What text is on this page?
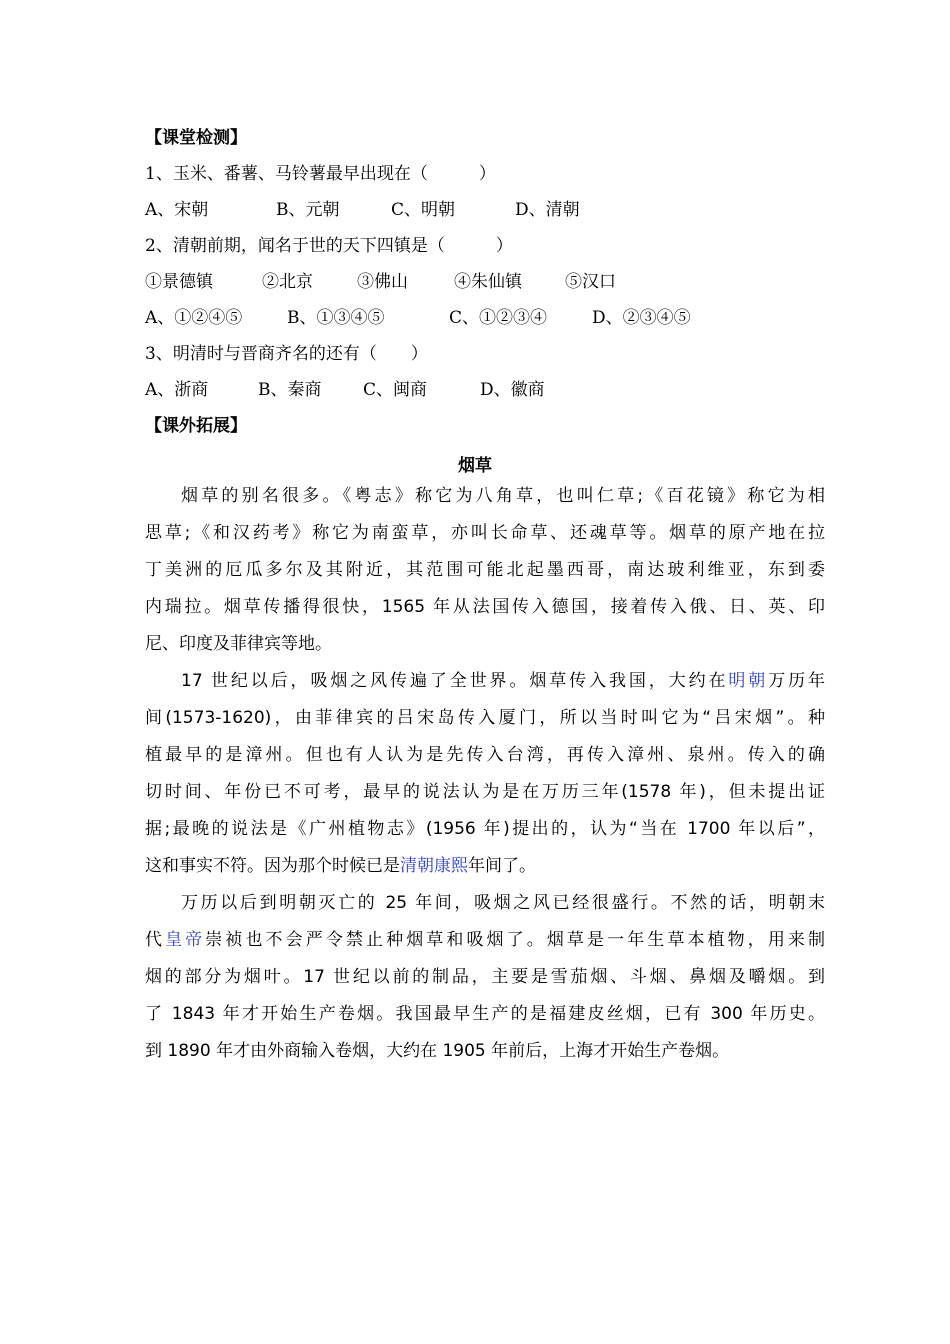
【课堂检测】
1、玉米、番薯、马铃薯最早出现在（　　　）
A、宋朝	B、元朝	C、明朝	D、清朝
2、清朝前期，闻名于世的天下四镇是（　　　）
①景德镇	②北京	③佛山	④朱仙镇	⑤汉口
A、①②④⑤	B、①③④⑤	C、①②③④	D、②③④⑤
3、明清时与晋商齐名的还有（　　）
A、浙商	B、秦商 C、闽商	D、徽商
【课外拓展】
烟草
烟草的别名很多。《粤志》称它为八角草，也叫仁草;《百花镜》称它为相
思草;《和汉药考》称它为南蛮草，亦叫长命草、还魂草等。烟草的原产地在拉
丁美洲的厄瓜多尔及其附近，其范围可能北起墨西哥，南达玻利维亚，东到委
内瑞拉。烟草传播得很快，1565 年从法国传入德国，接着传入俄、日、英、印
尼、印度及菲律宾等地。
17 世纪以后，吸烟之风传遍了全世界。烟草传入我国，大约在明朝万历年
间(1573-1620)，由菲律宾的吕宋岛传入厦门，所以当时叫它为“吕宋烟”。种
植最早的是漳州。但也有人认为是先传入台湾，再传入漳州、泉州。传入的确
切时间、年份已不可考，最早的说法认为是在万历三年(1578 年)，但未提出证
据;最晚的说法是《广州植物志》(1956 年)提出的，认为“当在 1700 年以后”，
这和事实不符。因为那个时候已是清朝康熙年间了。
万历以后到明朝灭亡的 25 年间，吸烟之风已经很盛行。不然的话，明朝末
代皇帝崇祯也不会严令禁止种烟草和吸烟了。烟草是一年生草本植物，用来制
烟的部分为烟叶。17 世纪以前的制品，主要是雪茄烟、斗烟、鼻烟及嚼烟。到
了 1843 年才开始生产卷烟。我国最早生产的是福建皮丝烟，已有 300 年历史。
到 1890 年才由外商输入卷烟，大约在 1905 年前后，上海才开始生产卷烟。
